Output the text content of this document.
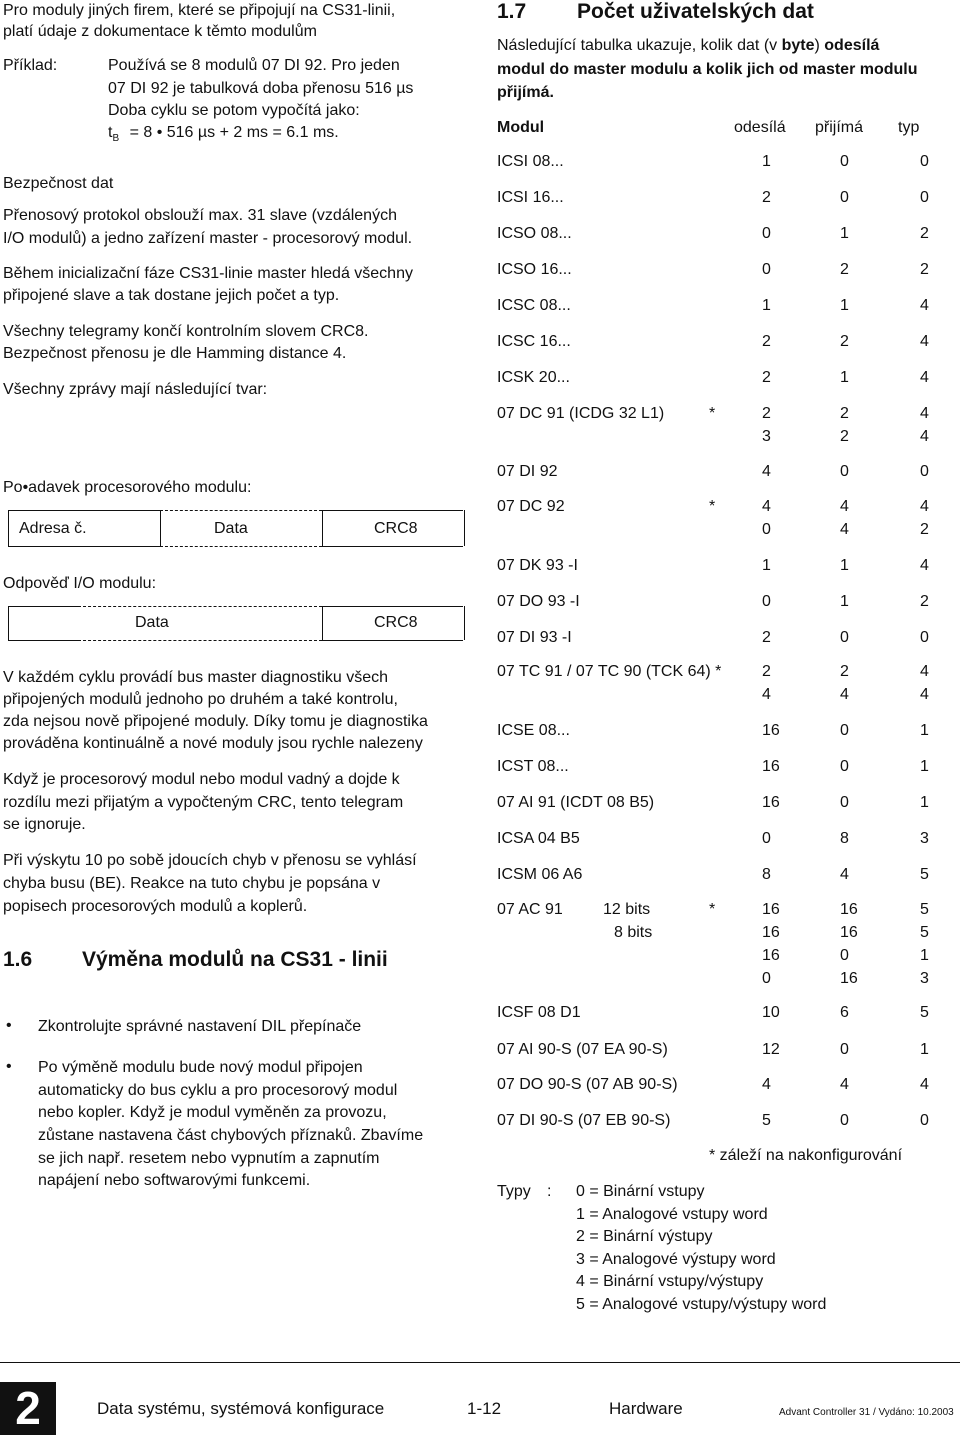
Pro moduly jiných firem, které se připojují na CS31-linii,
platí údaje z dokumentace k těmto modulům
Příklad:	Používá se 8 modulů 07 DI 92. Pro jeden
07 DI 92 je tabulková doba přenosu 516 µs
Doba cyklu se potom vypočítá jako:
$t_B = 8$ • 516 µs + 2 ms = 6.1 ms.
Bezpečnost dat
Přenosový protokol obslouží max. 31 slave (vzdálených
I/O modulů) a jedno zařízení master - procesorový modul.
Během inicializační fáze CS31-linie master hledá všechny
připojené slave a tak dostane jejich počet a typ.
Všechny telegramy končí kontrolním slovem CRC8.
Bezpečnost přenosu je dle Hamming distance 4.
Všechny zprávy mají následující tvar:
Po•adavek procesorového modulu:
Adresa č.	Data	CRC8
Odpověď I/O modulu:
Data	CRC8
V každém cyklu provádí bus master diagnostiku všech
připojených modulů jednoho po druhém a také kontrolu,
zda nejsou nově připojené moduly. Díky tomu je diagnostika
prováděna kontinuálně a nové moduly jsou rychle nalezeny
Když je procesorový modul nebo modul vadný a dojde k
rozdílu mezi přijatým a vypočteným CRC, tento telegram
se ignoruje.
Při výskytu 10 po sobě jdoucích chyb v přenosu se vyhlásí
chyba busu (BE). Reakce na tuto chybu je popsána v
popisech procesorových modulů a koplerů.
1.6 Výměna modulů na CS31 - linii
• Zkontrolujte správné nastavení DIL přepínače
• Po výměně modulu bude nový modul připojen
automaticky do bus cyklu a pro procesorový modul
nebo kopler. Když je modul vyměněn za provozu,
zůstane nastavena část chybových příznaků. Zbavíme
se jich např. resetem nebo vypnutím a zapnutím
napájení nebo softwarovými funkcemi.
1.7 Počet uživatelských dat
Následující tabulka ukazuje, kolik dat (v byte) odesílá
modul do master modulu a kolik jich od master modulu
přijímá.
Modul	odesílá přijímá typ
ICSI 08...	1	0	0
ICSI 16...	2	0	0
ICSO 08...	0	1	2
ICSO 16...	0	2	2
ICSC 08...	1	1	4
ICSC 16...	2	2	4
ICSK 20...	2	1	4
07 DC 91 (ICDG 32 L1)	*	2	2	4
3	2	4
07 DI 92	4	0	0
07 DC 92	*	4	4	4
0	4	2
07 DK 93 -I	1	1	4
07 DO 93 -I	0	1	2
07 DI 93 -I	2	0	0
07 TC 91 / 07 TC 90 (TCK 64) *	2	2	4
4	4	4
ICSE 08...	16	0	1
ICST 08...	16	0	1
07 AI 91 (ICDT 08 B5)	16	0	1
ICSA 04 B5	0	8	3
ICSM 06 A6	8	4	5
07 AC 91	12 bits	*	16	16	5
8 bits	16	16	5
16	0	1
0	16	3
ICSF 08 D1	10	6	5
07 AI 90-S (07 EA 90-S)	12	0	1
07 DO 90-S (07 AB 90-S)	4	4	4
07 DI 90-S (07 EB 90-S)	5	0	0
* záleží na nakonfigurování
Typy : 0 = Binární vstupy
1 = Analogové vstupy word
2 = Binární výstupy
3 = Analogové výstupy word
4 = Binární vstupy/výstupy
5 = Analogové vstupy/výstupy word
2	Data systému, systémová konfigurace	1-12	Hardware	Advant Controller 31 / Vydáno: 10.2003
